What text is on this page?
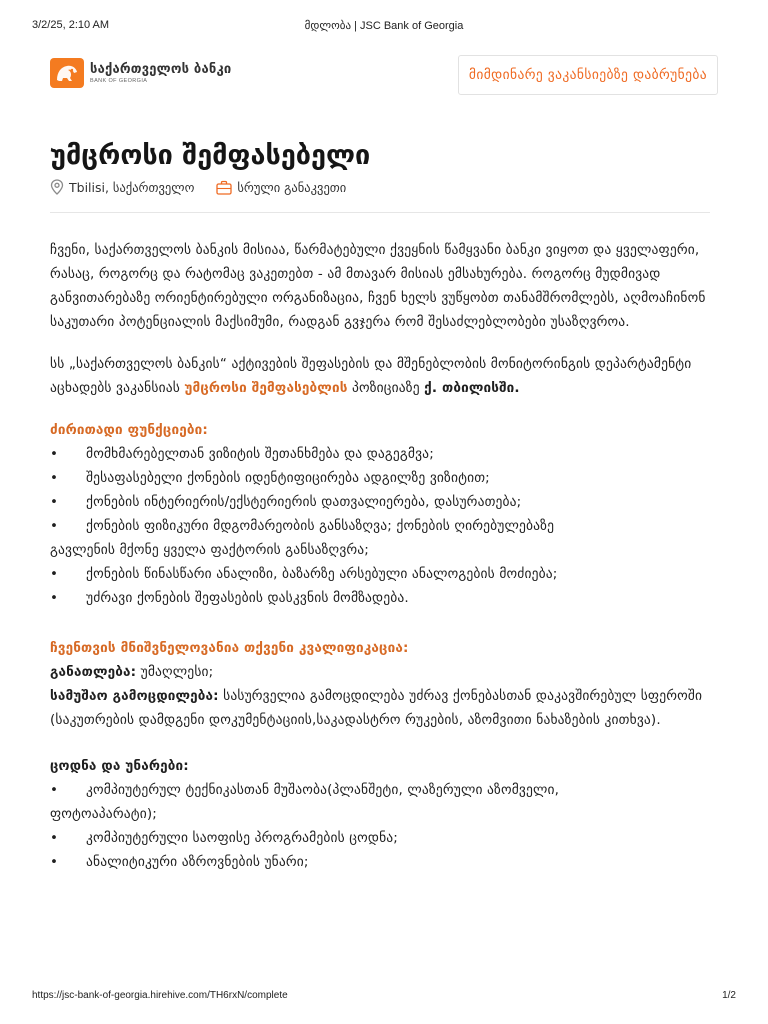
3/2/25, 2:10 AM	მდლობა | JSC Bank of Georgia
საქართველოს ბანკი
BANK OF GEORGIA	მიმდინარე ვაკანსიებზე დაბრუნება
უმცროსი შემფასებელი
Tbilisi, საქართველო	სრული განაკვეთი

ჩვენი, საქართველოს ბანკის მისიაა, წარმატებული ქვეყნის წამყვანი ბანკი ვიყოთ და ყველაფერი, რასაც, როგორც და რატომაც ვაკეთებთ - ამ მთავარ მისიას ემსახურება. როგორც მუდმივად განვითარებაზე ორიენტირებული ორგანიზაცია, ჩვენ ხელს ვუწყობთ თანამშრომლებს, აღმოაჩინონ საკუთარი პოტენციალის მაქსიმუმი, რადგან გვჯერა რომ შესაძლებლობები უსაზღვროა.

სს „საქართველოს ბანკის“ აქტივების შეფასების და მშენებლობის მონიტორინგის დეპარტამენტი აცხადებს ვაკანსიას უმცროსი შემფასებლის პოზიციაზე ქ. თბილისში.

ძირითადი ფუნქციები:
• მომხმარებელთან ვიზიტის შეთანხმება და დაგეგმვა;
• შესაფასებელი ქონების იდენტიფიცირება ადგილზე ვიზიტით;
• ქონების ინტერიერის/ექსტერიერის დათვალიერება, დასურათება;
• ქონების ფიზიკური მდგომარეობის განსაზღვა; ქონების ღირებულებაზე
გავლენის მქონე ყველა ფაქტორის განსაზღვრა;
• ქონების წინასწარი ანალიზი, ბაზარზე არსებული ანალოგების მოძიება;
• უძრავი ქონების შეფასების დასკვნის მომზადება.
ჩვენთვის მნიშვნელოვანია თქვენი კვალიფიკაცია:

განათლება: უმაღლესი;

სამუშაო გამოცდილება: სასურველია გამოცდილება უძრავ ქონებასთან დაკავშირებულ სფეროში (საკუთრების დამდგენი დოკუმენტაციის,საკადასტრო რუკების, აზომვითი ნახაზების კითხვა).

ცოდნა და უნარები:
• კომპიუტერულ ტექნიკასთან მუშაობა(პლანშეტი, ლაზერული აზომველი,
ფოტოაპარატი);
• კომპიუტერული საოფისე პროგრამების ცოდნა;
• ანალიტიკური აზროვნების უნარი;
https://jsc-bank-of-georgia.hirehive.com/TH6rxN/complete	1/2
